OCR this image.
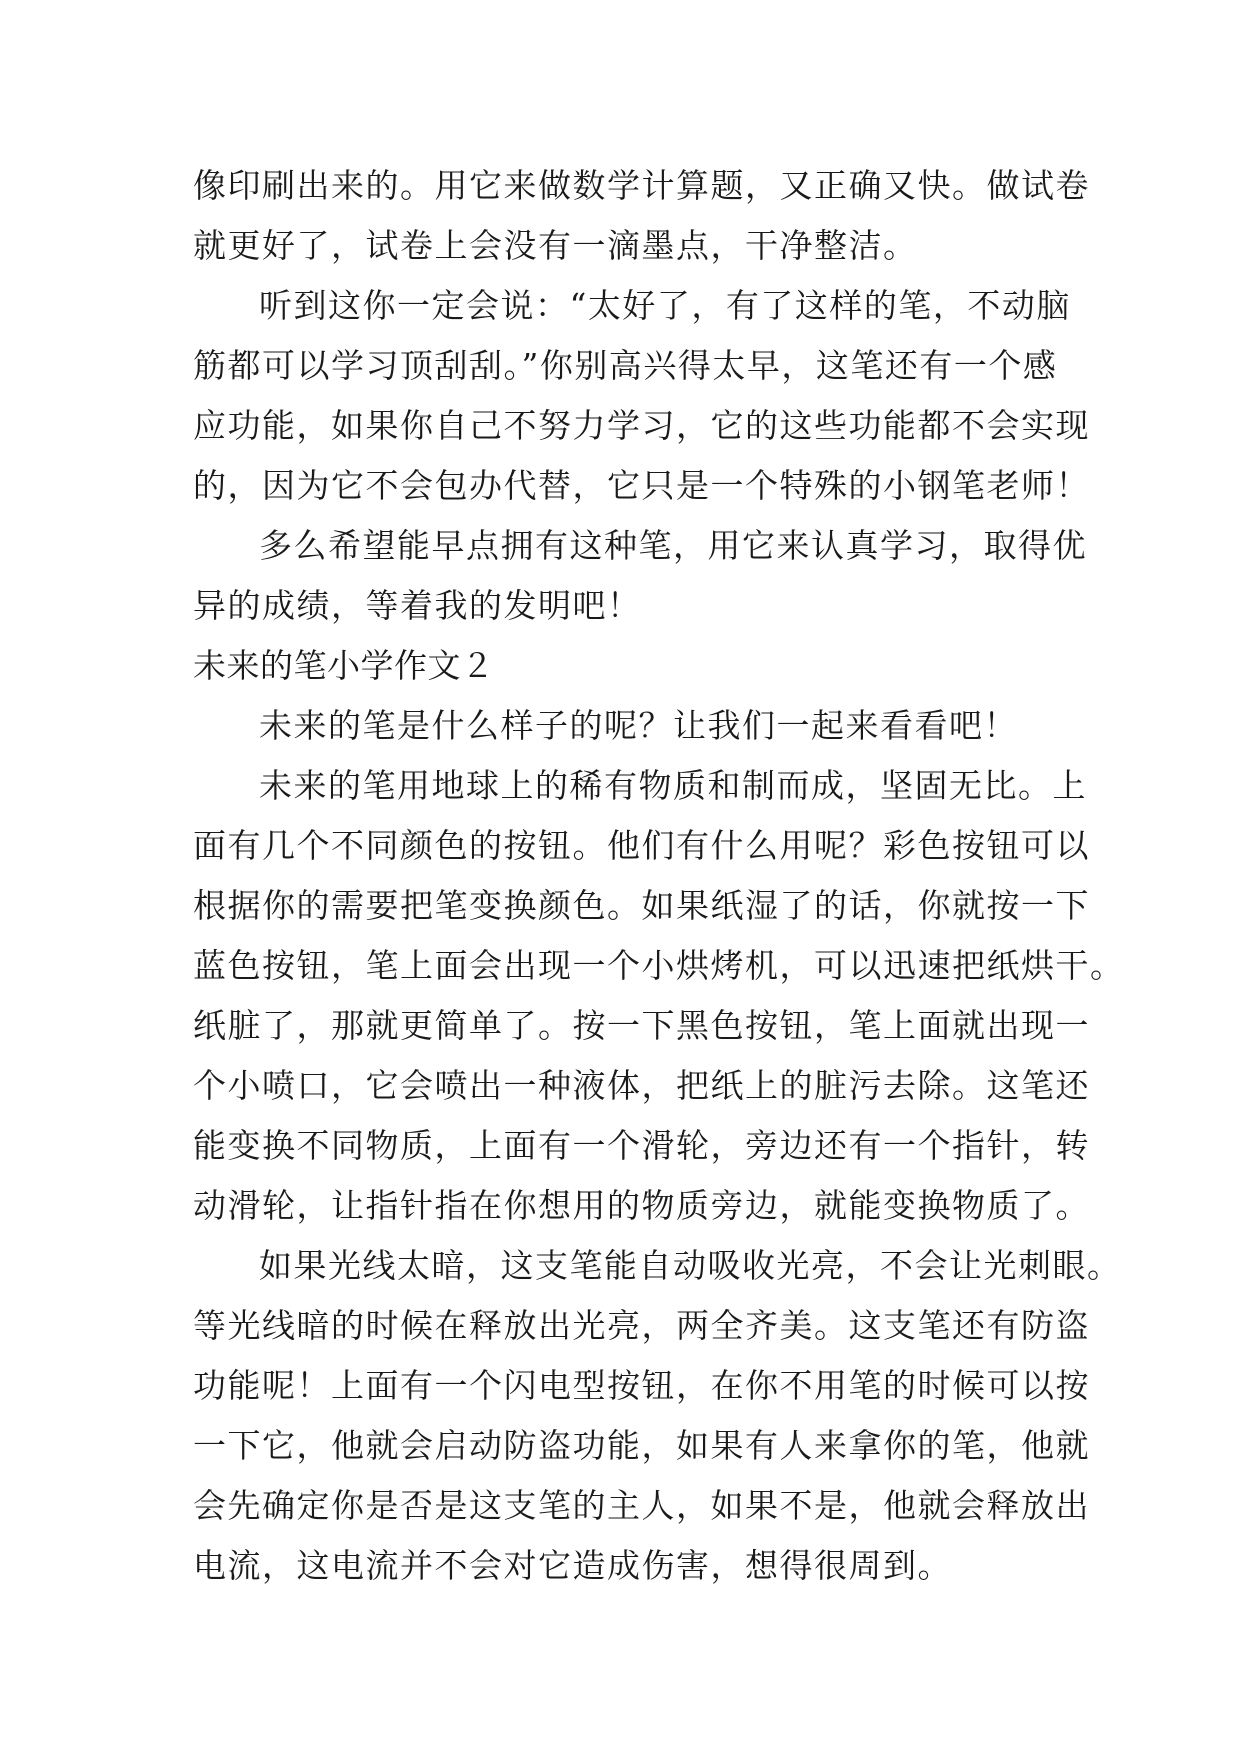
像印刷出来的。用它来做数学计算题，又正确又快。做试卷
就更好了，试卷上会没有一滴墨点，干净整洁。
听到这你一定会说：“太好了，有了这样的笔，不动脑
筋都可以学习顶刮刮。”你别高兴得太早，这笔还有一个感
应功能，如果你自己不努力学习，它的这些功能都不会实现
的，因为它不会包办代替，它只是一个特殊的小钢笔老师！
多么希望能早点拥有这种笔，用它来认真学习，取得优
异的成绩，等着我的发明吧！
未来的笔小学作文２
未来的笔是什么样子的呢？让我们一起来看看吧！
未来的笔用地球上的稀有物质和制而成，坚固无比。上
面有几个不同颜色的按钮。他们有什么用呢？彩色按钮可以
根据你的需要把笔变换颜色。如果纸湿了的话，你就按一下
蓝色按钮，笔上面会出现一个小烘烤机，可以迅速把纸烘干。
纸脏了，那就更简单了。按一下黑色按钮，笔上面就出现一
个小喷口，它会喷出一种液体，把纸上的脏污去除。这笔还
能变换不同物质，上面有一个滑轮，旁边还有一个指针，转
动滑轮，让指针指在你想用的物质旁边，就能变换物质了。
如果光线太暗，这支笔能自动吸收光亮，不会让光刺眼。
等光线暗的时候在释放出光亮，两全齐美。这支笔还有防盗
功能呢！上面有一个闪电型按钮，在你不用笔的时候可以按
一下它，他就会启动防盗功能，如果有人来拿你的笔，他就
会先确定你是否是这支笔的主人，如果不是，他就会释放出
电流，这电流并不会对它造成伤害，想得很周到。
